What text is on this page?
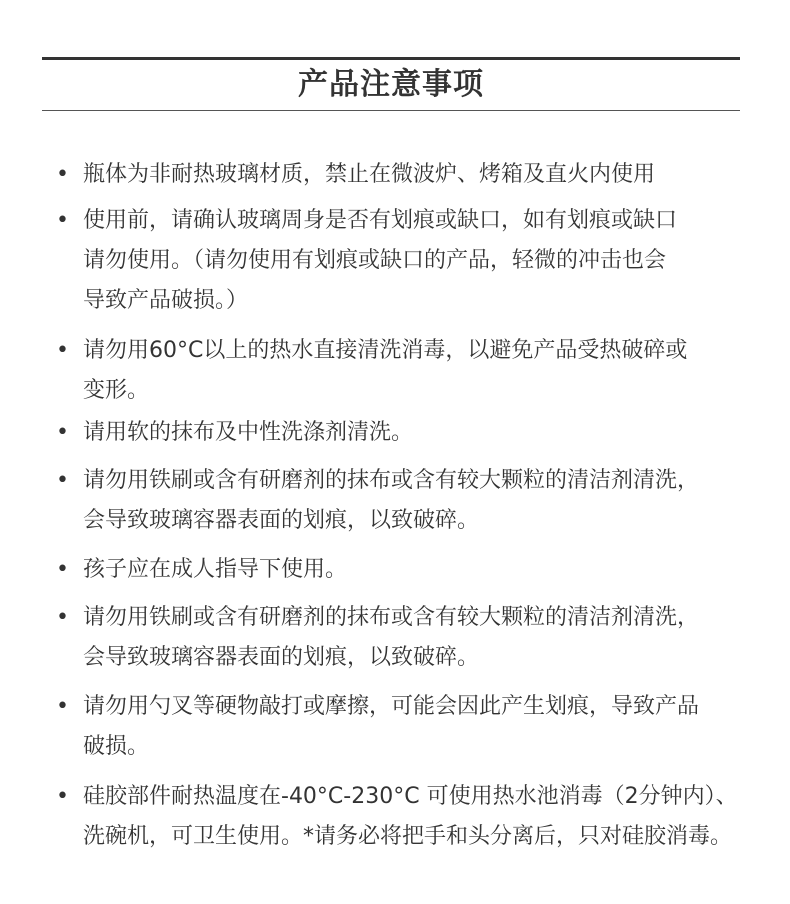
产品注意事项
• 瓶体为非耐热玻璃材质，禁止在微波炉、烤箱及直火内使用
• 使用前，请确认玻璃周身是否有划痕或缺口，如有划痕或缺口
请勿使用。（请勿使用有划痕或缺口的产品，轻微的冲击也会
导致产品破损。）
• 请勿用60°C以上的热水直接清洗消毒，以避免产品受热破碎或
变形。
• 请用软的抹布及中性洗涤剂清洗。
• 请勿用铁刷或含有研磨剂的抹布或含有较大颗粒的清洁剂清洗，
会导致玻璃容器表面的划痕，以致破碎。
• 孩子应在成人指导下使用。
• 请勿用铁刷或含有研磨剂的抹布或含有较大颗粒的清洁剂清洗，
会导致玻璃容器表面的划痕，以致破碎。
• 请勿用勺叉等硬物敲打或摩擦，可能会因此产生划痕，导致产品
破损。
• 硅胶部件耐热温度在-40°C-230°C 可使用热水池消毒（2分钟内）、
洗碗机，可卫生使用。*请务必将把手和头分离后，只对硅胶消毒。
